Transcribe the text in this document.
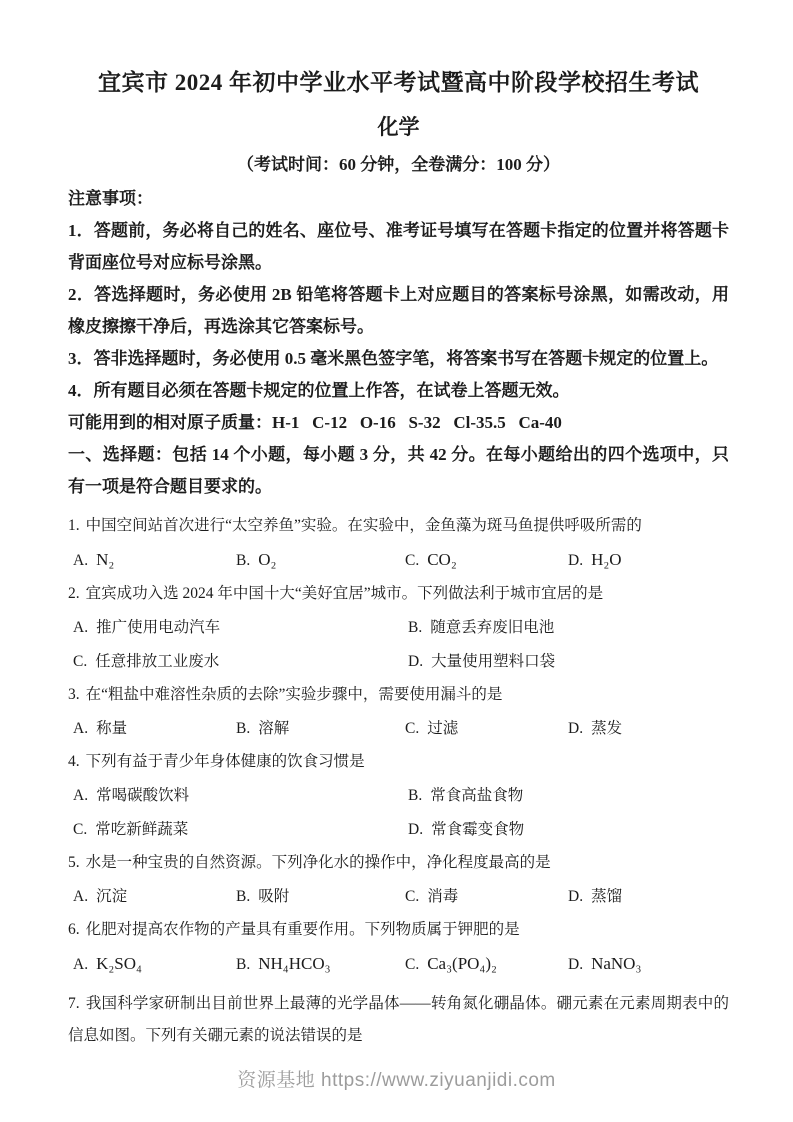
宜宾市 2024 年初中学业水平考试暨高中阶段学校招生考试
化学

（考试时间：60 分钟，全卷满分：100 分）

注意事项：

1．答题前，务必将自己的姓名、座位号、准考证号填写在答题卡指定的位置并将答题卡背面座位号对应标号涂黑。

2．答选择题时，务必使用 2B 铅笔将答题卡上对应题目的答案标号涂黑，如需改动，用橡皮擦擦干净后，再选涂其它答案标号。

3．答非选择题时，务必使用 0.5 毫米黑色签字笔，将答案书写在答题卡规定的位置上。

4．所有题目必须在答题卡规定的位置上作答，在试卷上答题无效。

可能用到的相对原子质量：H-1   C-12   O-16   S-32   Cl-35.5   Ca-40

一、选择题：包括 14 个小题，每小题 3 分，共 42 分。在每小题给出的四个选项中，只有一项是符合题目要求的。

1. 中国空间站首次进行“太空养鱼”实验。在实验中，金鱼藻为斑马鱼提供呼吸所需的

A. N₂	B. O₂	C. CO₂	D. H₂O

2. 宜宾成功入选 2024 年中国十大“美好宜居”城市。下列做法利于城市宜居的是

A. 推广使用电动汽车	B. 随意丢弃废旧电池
C. 任意排放工业废水	D. 大量使用塑料口袋

3. 在“粗盐中难溶性杂质的去除”实验步骤中，需要使用漏斗的是

A. 称量	B. 溶解	C. 过滤	D. 蒸发

4. 下列有益于青少年身体健康的饮食习惯是

A. 常喝碳酸饮料	B. 常食高盐食物
C. 常吃新鲜蔬菜	D. 常食霉变食物

5. 水是一种宝贵的自然资源。下列净化水的操作中，净化程度最高的是

A. 沉淀	B. 吸附	C. 消毒	D. 蒸馏

6. 化肥对提高农作物的产量具有重要作用。下列物质属于钾肥的是

A. K₂SO₄	B. NH₄HCO₃	C. Ca₃(PO₄)₂	D. NaNO₃

7. 我国科学家研制出目前世界上最薄的光学晶体——转角氮化硼晶体。硼元素在元素周期表中的信息如图。下列有关硼元素的说法错误的是

资源基地 https://www.ziyuanjidi.com
